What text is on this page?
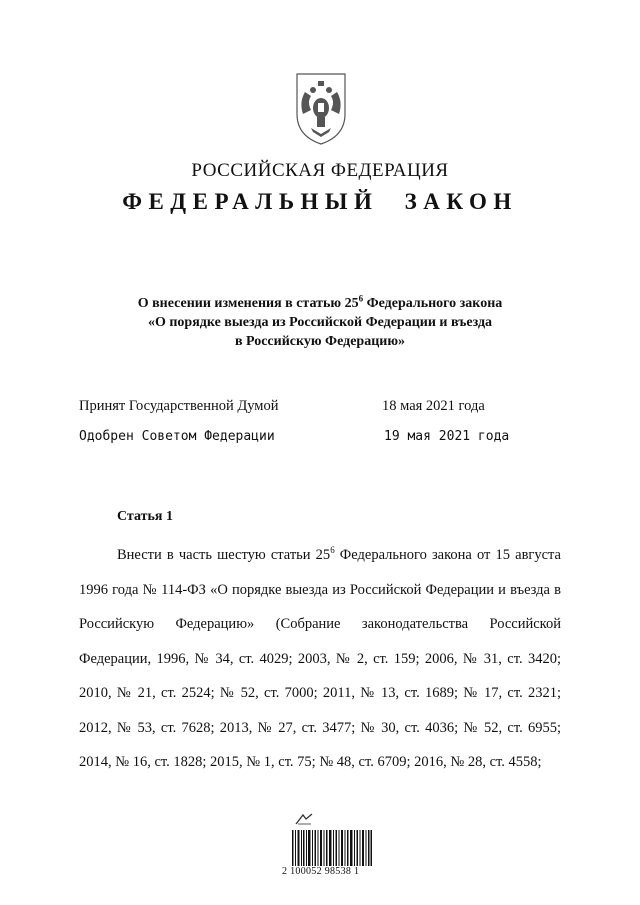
РОССИЙСКАЯ ФЕДЕРАЦИЯ
ФЕДЕРАЛЬНЫЙ ЗАКОН
О внесении изменения в статью $25^6$ Федерального закона
«О порядке выезда из Российской Федерации и въезда
в Российскую Федерацию»
Принят Государственной Думой	18 мая 2021 года
Одобрен Советом Федерации	19 мая 2021 года
Статья 1

Внести в часть шестую статьи $25^6$ Федерального закона от 15 августа 1996 года № 114-ФЗ «О порядке выезда из Российской Федерации и въезда в Российскую Федерацию» (Собрание законодательства Российской Федерации, 1996, № 34, ст. 4029; 2003, № 2, ст. 159; 2006, № 31, ст. 3420; 2010, № 21, ст. 2524; № 52, ст. 7000; 2011, № 13, ст. 1689; № 17, ст. 2321; 2012, № 53, ст. 7628; 2013, № 27, ст. 3477; № 30, ст. 4036; № 52, ст. 6955; 2014, № 16, ст. 1828; 2015, № 1, ст. 75; № 48, ст. 6709; 2016, № 28, ст. 4558;

2 100052 98538 1
